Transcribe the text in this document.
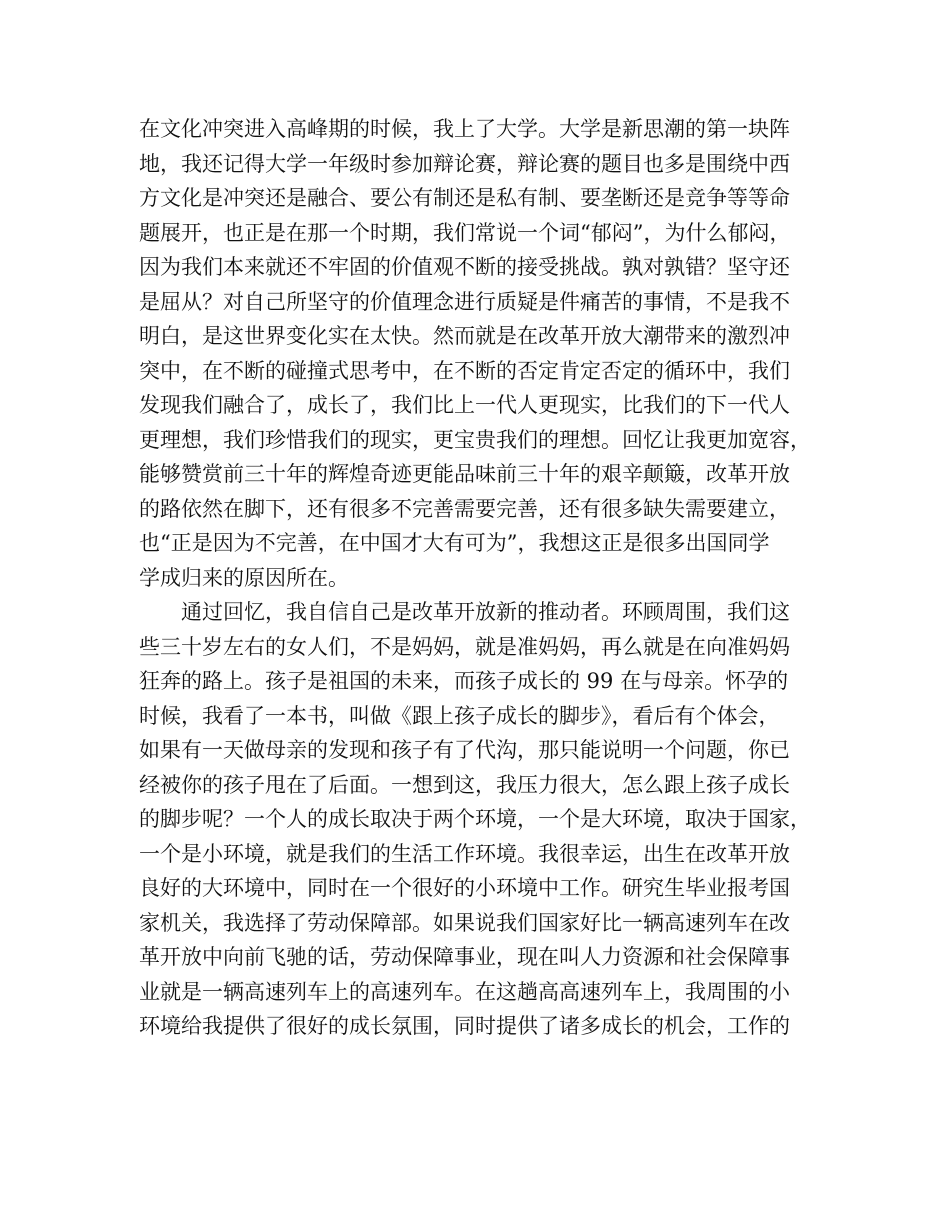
在文化冲突进入高峰期的时候，我上了大学。大学是新思潮的第一块阵
地，我还记得大学一年级时参加辩论赛，辩论赛的题目也多是围绕中西
方文化是冲突还是融合、要公有制还是私有制、要垄断还是竞争等等命
题展开，也正是在那一个时期，我们常说一个词“郁闷”，为什么郁闷，
因为我们本来就还不牢固的价值观不断的接受挑战。孰对孰错？坚守还
是屈从？对自己所坚守的价值理念进行质疑是件痛苦的事情，不是我不
明白，是这世界变化实在太快。然而就是在改革开放大潮带来的激烈冲
突中，在不断的碰撞式思考中，在不断的否定肯定否定的循环中，我们
发现我们融合了，成长了，我们比上一代人更现实，比我们的下一代人
更理想，我们珍惜我们的现实，更宝贵我们的理想。回忆让我更加宽容，
能够赞赏前三十年的辉煌奇迹更能品味前三十年的艰辛颠簸，改革开放
的路依然在脚下，还有很多不完善需要完善，还有很多缺失需要建立，
也“正是因为不完善，在中国才大有可为”，我想这正是很多出国同学
学成归来的原因所在。
通过回忆，我自信自己是改革开放新的推动者。环顾周围，我们这
些三十岁左右的女人们，不是妈妈，就是准妈妈，再么就是在向准妈妈
狂奔的路上。孩子是祖国的未来，而孩子成长的 99 在与母亲。怀孕的
时候，我看了一本书，叫做《跟上孩子成长的脚步》，看后有个体会，
如果有一天做母亲的发现和孩子有了代沟，那只能说明一个问题，你已
经被你的孩子甩在了后面。一想到这，我压力很大，怎么跟上孩子成长
的脚步呢？一个人的成长取决于两个环境，一个是大环境，取决于国家，
一个是小环境，就是我们的生活工作环境。我很幸运，出生在改革开放
良好的大环境中，同时在一个很好的小环境中工作。研究生毕业报考国
家机关，我选择了劳动保障部。如果说我们国家好比一辆高速列车在改
革开放中向前飞驰的话，劳动保障事业，现在叫人力资源和社会保障事
业就是一辆高速列车上的高速列车。在这趟高高速列车上，我周围的小
环境给我提供了很好的成长氛围，同时提供了诸多成长的机会，工作的
